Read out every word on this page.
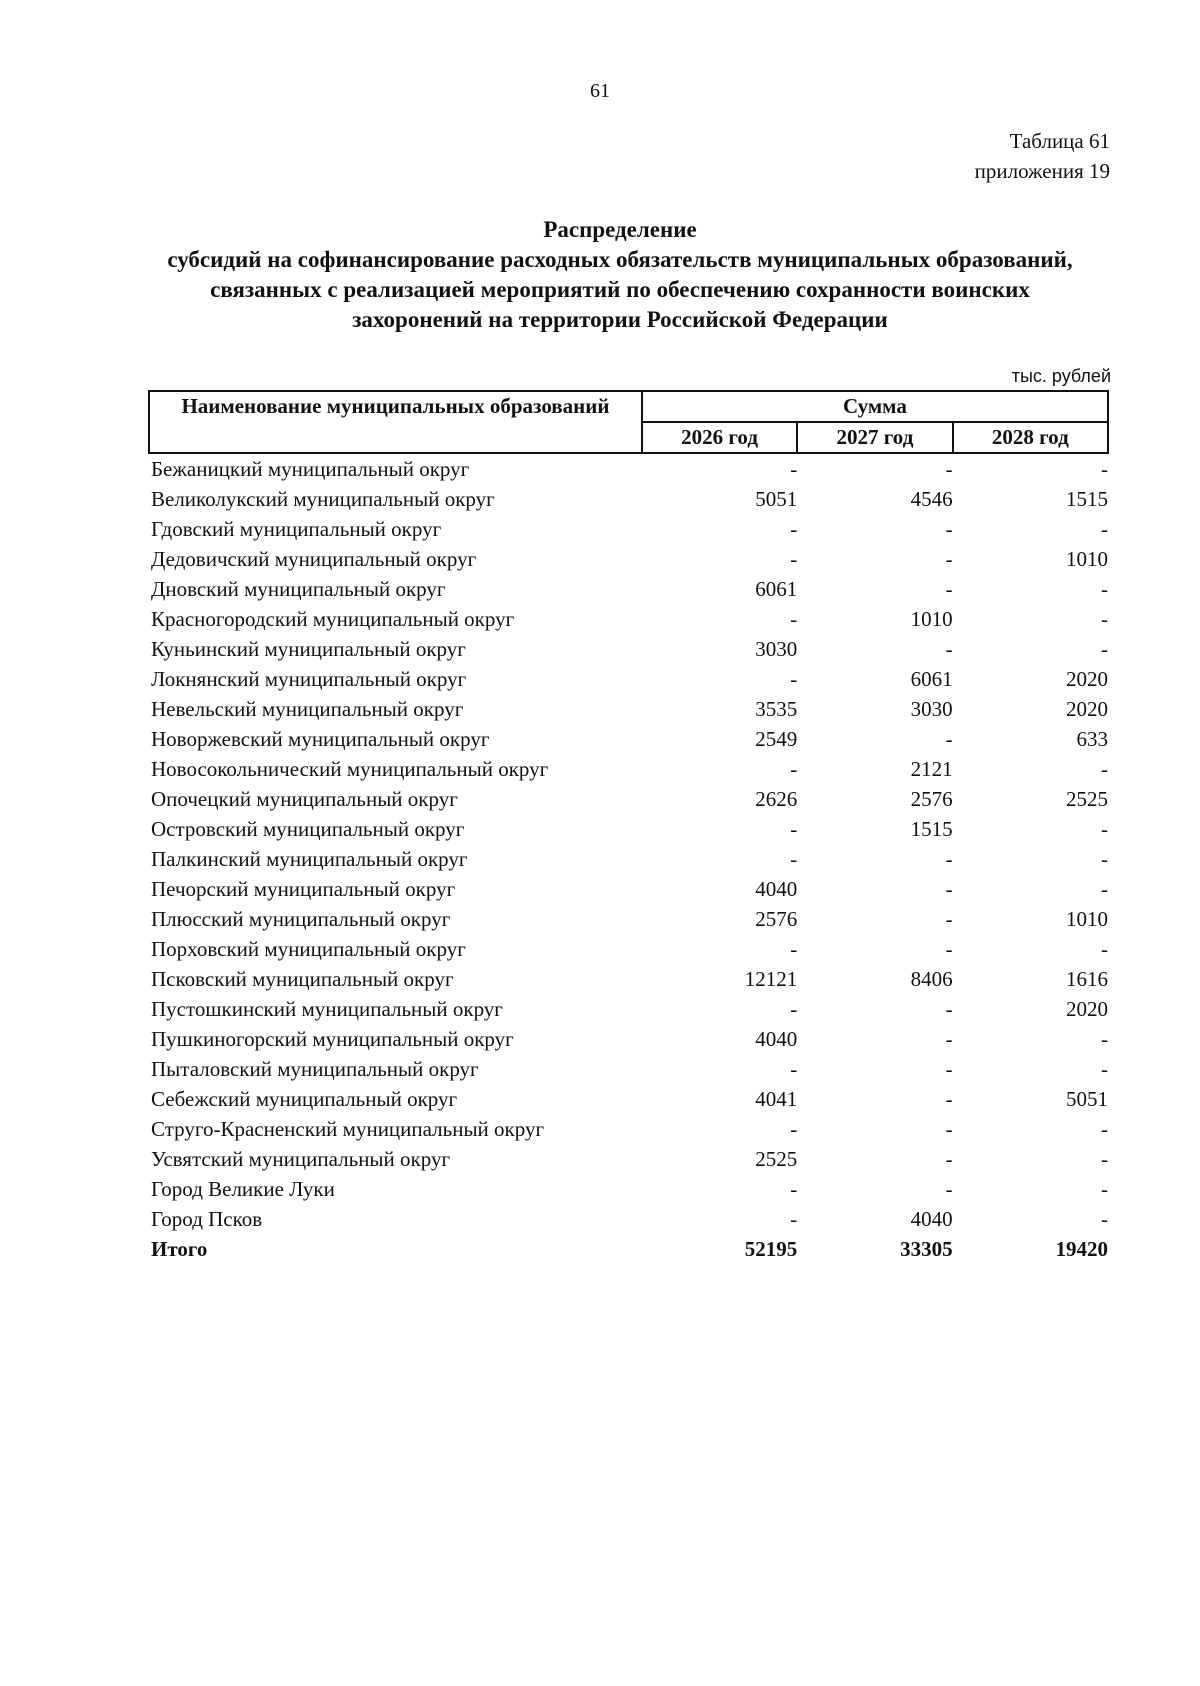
61
Таблица 61
приложения 19
Распределение
субсидий на софинансирование расходных обязательств муниципальных образований,
связанных с реализацией мероприятий по обеспечению сохранности воинских
захоронений на территории Российской Федерации
тыс. рублей
Наименование муниципальных образований	Сумма		
	2026 год	2027 год	2028 год
Бежаницкий муниципальный округ	-	-	-
Великолукский муниципальный округ	5051	4546	1515
Гдовский муниципальный округ	-	-	-
Дедовичский муниципальный округ	-	-	1010
Дновский муниципальный округ	6061	-	-
Красногородский муниципальный округ	-	1010	-
Куньинский муниципальный округ	3030	-	-
Локнянский муниципальный округ	-	6061	2020
Невельский муниципальный округ	3535	3030	2020
Новоржевский муниципальный округ	2549	-	633
Новосокольнический муниципальный округ	-	2121	-
Опочецкий муниципальный округ	2626	2576	2525
Островский муниципальный округ	-	1515	-
Палкинский муниципальный округ	-	-	-
Печорский муниципальный округ	4040	-	-
Плюсский муниципальный округ	2576	-	1010
Порховский муниципальный округ	-	-	-
Псковский муниципальный округ	12121	8406	1616
Пустошкинский муниципальный округ	-	-	2020
Пушкиногорский муниципальный округ	4040	-	-
Пыталовский муниципальный округ	-	-	-
Себежский муниципальный округ	4041	-	5051
Струго-Красненский муниципальный округ	-	-	-
Усвятский муниципальный округ	2525	-	-
Город Великие Луки	-	-	-
Город Псков	-	4040	-
Итого	52195	33305	19420
